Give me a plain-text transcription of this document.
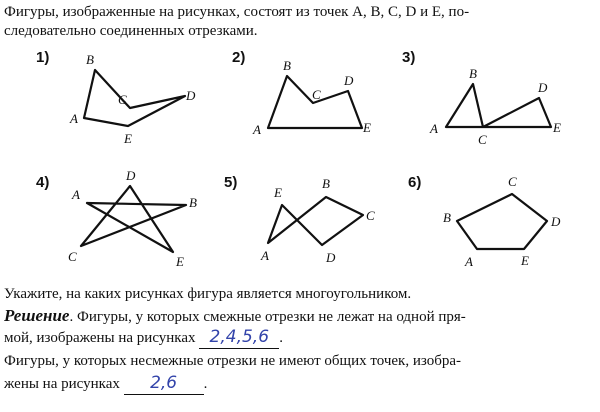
Фигуры, изображенные на рисунках, состоят из точек A, B, C, D и E, по-
следовательно соединенных отрезками.
1)	2)	3)
4)	5)	6)
A
B
C	D
E
A
B
C
D
E	A
B
C
D
E
A
B
C
D
E	A
B
C
D
E
A
B
C
D
E
Укажите, на каких рисунках фигура является многоугольником.
Решение. Фигуры, у которых смежные отрезки не лежат на одной пря-
мой, изображены на рисунках 2,4,5,6 .
Фигуры, у которых несмежные отрезки не имеют общих точек, изобра-
жены на рисунках 2,6 .
